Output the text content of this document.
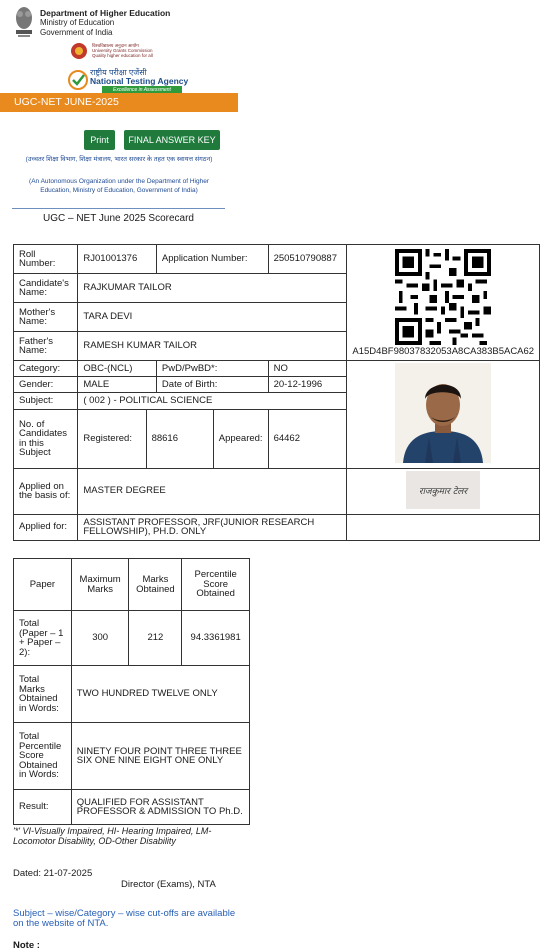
Department of Higher Education
Ministry of Education
Government of India
विश्वविद्यालय अनुदान आयोग
University Grants Commission
Quality higher education for all
राष्ट्रीय परीक्षा एजेंसी
National Testing Agency
Excellence in Assessment
UGC-NET JUNE-2025
Print	FINAL ANSWER KEY
(उच्चतर शिक्षा विभाग, शिक्षा मंत्रालय, भारत सरकार के तहत एक स्वायत्त संगठन)
(An Autonomous Organization under the Department of Higher Education, Ministry of Education, Government of India)
UGC – NET June 2025 Scorecard
Roll Number:	RJ01001376		Application Number:		250510790887	A15D4BF98037832053A8CA383B5ACA62

Candidate's Name:	RAJKUMAR TAILOR					
Mother's Name:	TARA DEVI					
Father's Name:	RAMESH KUMAR TAILOR					
Category:	OBC-(NCL)		PwD/PwBD*:		NO	
Gender:	MALE		Date of Birth:		20-12-1996	
Subject:	( 002 ) - POLITICAL SCIENCE					
No. of Candidates in this Subject	Registered:	88616		Appeared:	64462	
Applied on the basis of:	MASTER DEGREE					राजकुमार टेलर

Applied for:	ASSISTANT PROFESSOR, JRF(JUNIOR RESEARCH FELLOWSHIP), PH.D. ONLY					
Paper	Maximum Marks	Marks Obtained	Percentile Score Obtained
Total (Paper – 1 + Paper – 2):	300	212	94.3361981
Total Marks Obtained in Words:	TWO HUNDRED TWELVE ONLY		
Total Percentile Score Obtained in Words:	NINETY FOUR POINT THREE THREE SIX ONE NINE EIGHT ONE ONLY		
Result:	QUALIFIED FOR ASSISTANT PROFESSOR & ADMISSION TO Ph.D.		
'*' VI-Visually Impaired, HI- Hearing Impaired, LM-Locomotor Disability, OD-Other Disability
Dated: 21-07-2025
Director (Exams), NTA
Subject – wise/Category – wise cut-offs are available on the website of NTA.
Note :
